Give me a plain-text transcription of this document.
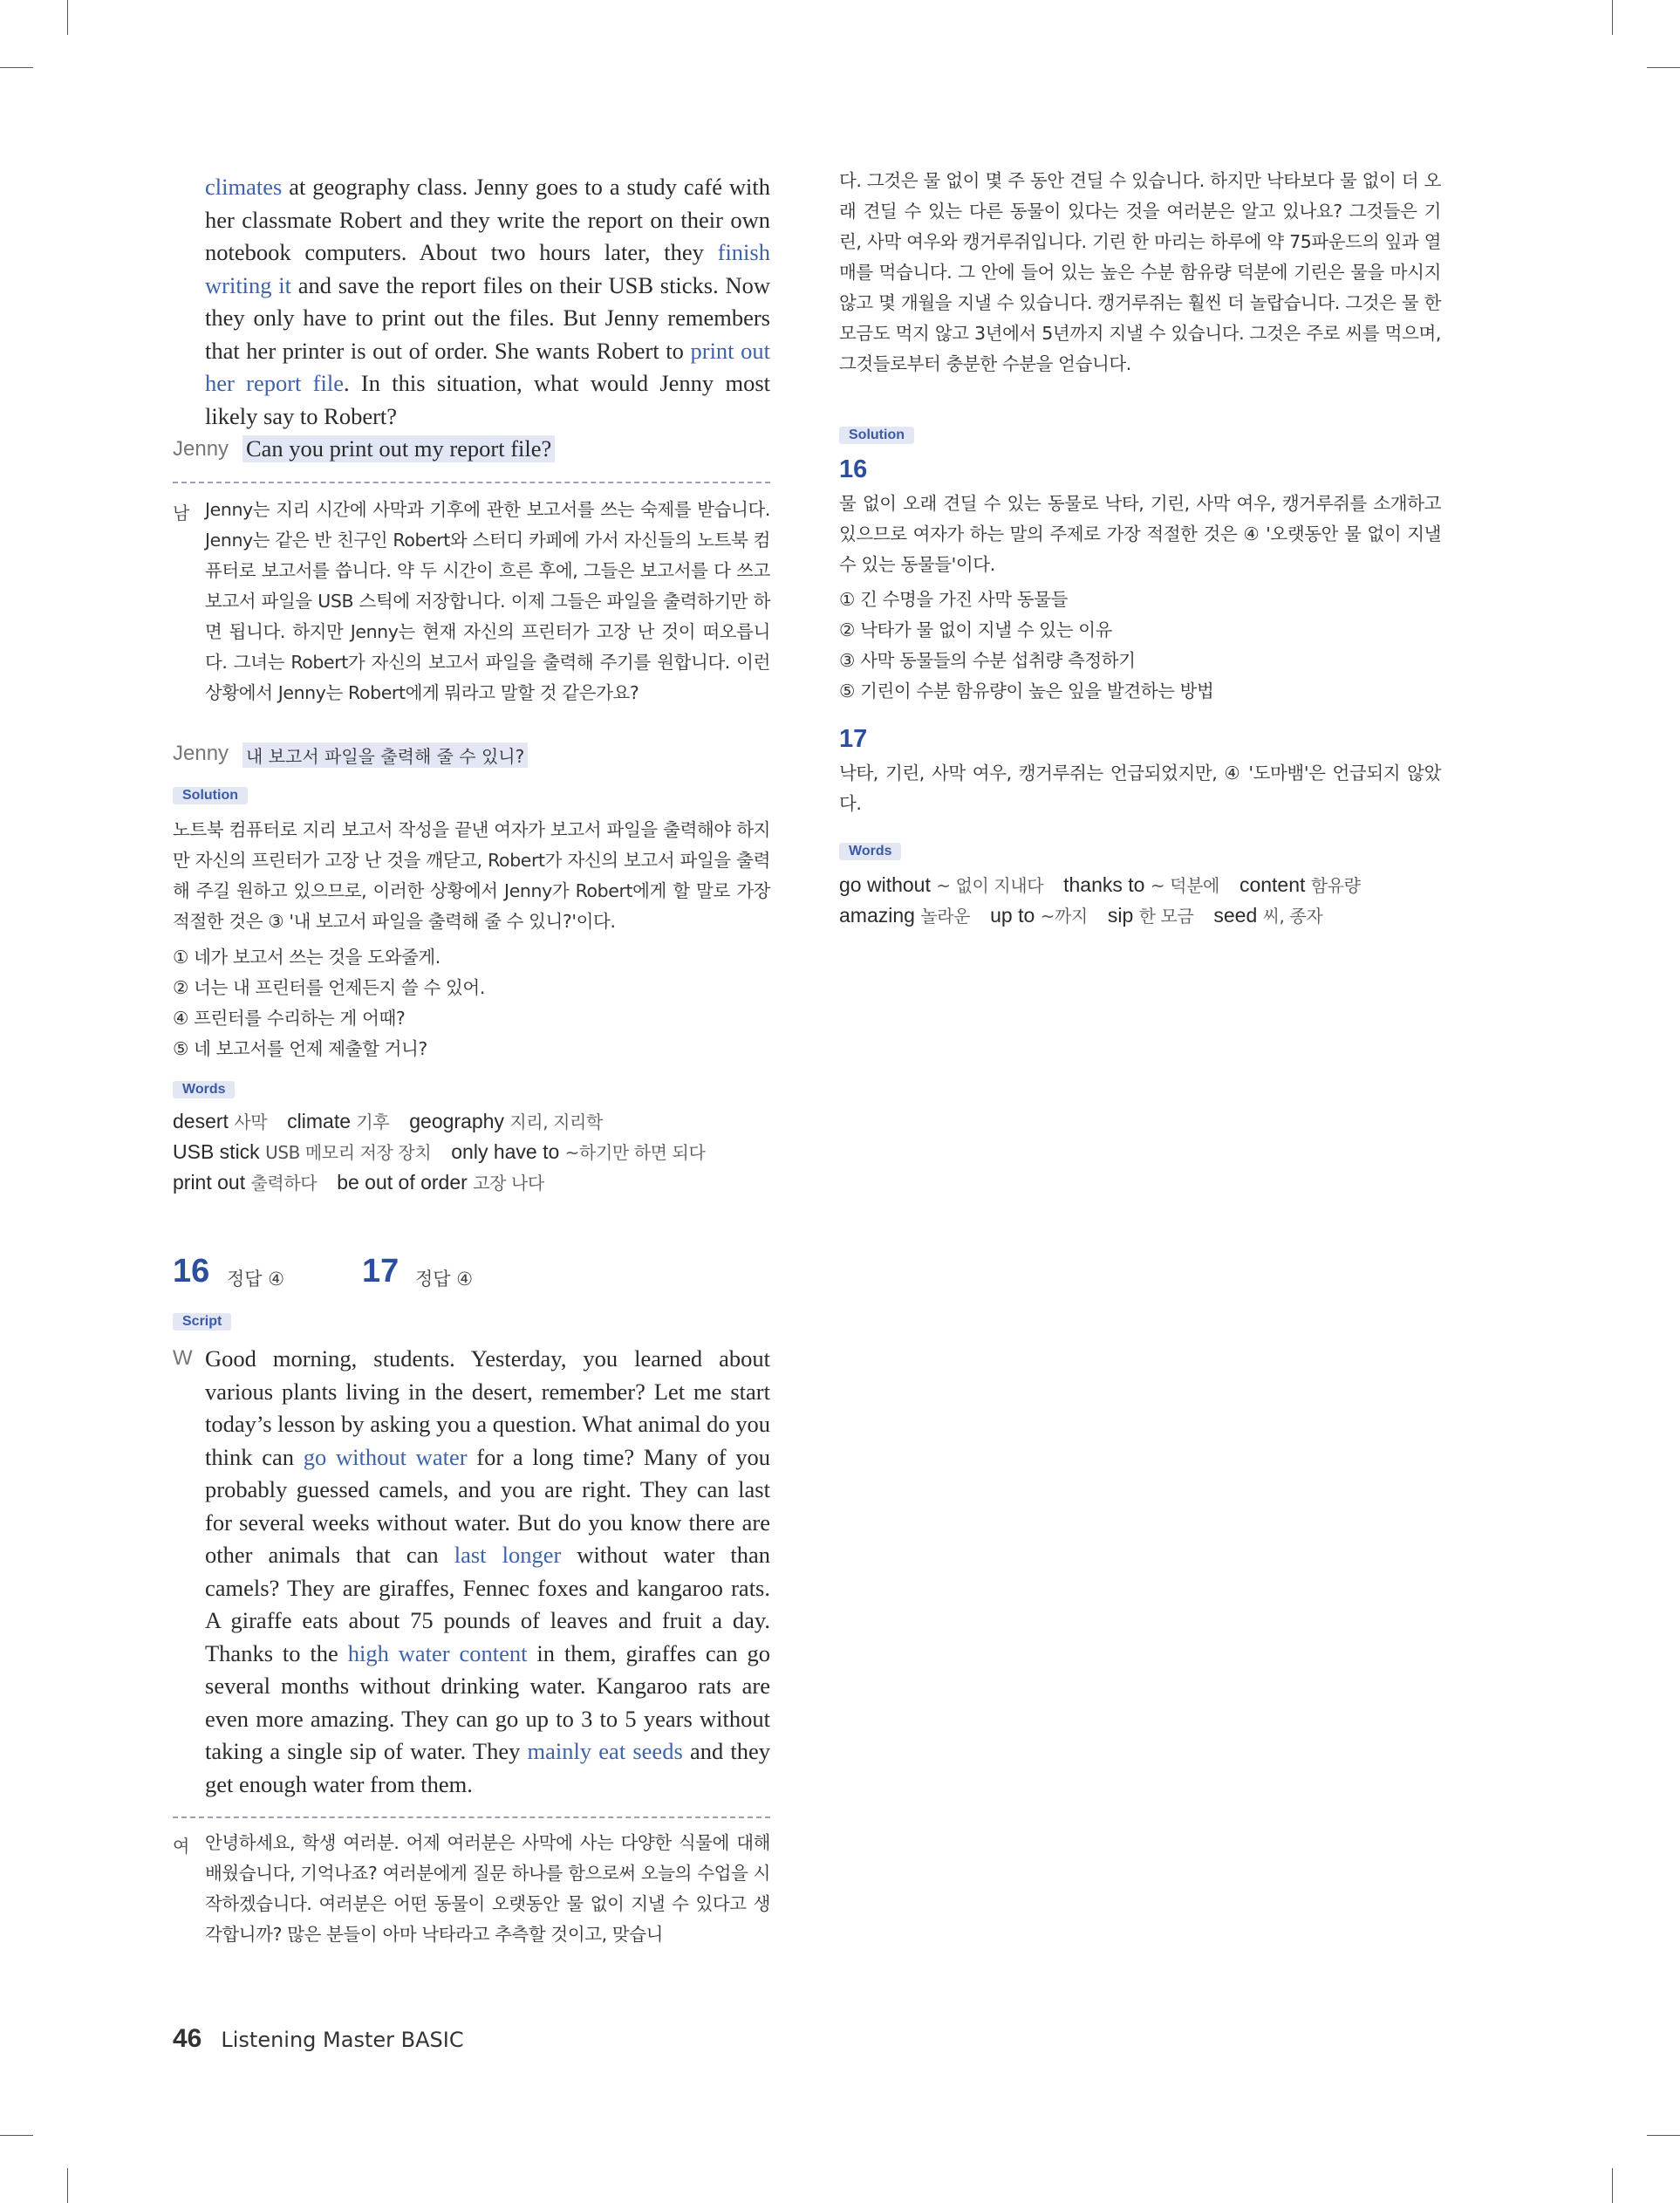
climates at geography class. Jenny goes to a study café with her classmate Robert and they write the report on their own notebook computers. About two hours later, they finish writing it and save the report files on their USB sticks. Now they only have to print out the files. But Jenny remembers that her printer is out of order. She wants Robert to print out her report file. In this situation, what would Jenny most likely say to Robert?
Jenny Can you print out my report file?
남 Jenny는 지리 시간에 사막과 기후에 관한 보고서를 쓰는 숙제를 받습니다. Jenny는 같은 반 친구인 Robert와 스터디 카페에 가서 자신들의 노트북 컴퓨터로 보고서를 씁니다. 약 두 시간이 흐른 후에, 그들은 보고서를 다 쓰고 보고서 파일을 USB 스틱에 저장합니다. 이제 그들은 파일을 출력하기만 하면 됩니다. 하지만 Jenny는 현재 자신의 프린터가 고장 난 것이 떠오릅니다. 그녀는 Robert가 자신의 보고서 파일을 출력해 주기를 원합니다. 이런 상황에서 Jenny는 Robert에게 뭐라고 말할 것 같은가요?
Jenny 내 보고서 파일을 출력해 줄 수 있니?
Solution
노트북 컴퓨터로 지리 보고서 작성을 끝낸 여자가 보고서 파일을 출력해야 하지만 자신의 프린터가 고장 난 것을 깨닫고, Robert가 자신의 보고서 파일을 출력해 주길 원하고 있으므로, 이러한 상황에서 Jenny가 Robert에게 할 말로 가장 적절한 것은 ③ '내 보고서 파일을 출력해 줄 수 있니?'이다.
① 네가 보고서 쓰는 것을 도와줄게.
② 너는 내 프린터를 언제든지 쓸 수 있어.
④ 프린터를 수리하는 게 어때?
⑤ 네 보고서를 언제 제출할 거니?
Words
desert 사막  climate 기후  geography 지리, 지리학
USB stick USB 메모리 저장 장치  only have to ~하기만 하면 되다
print out 출력하다  be out of order 고장 나다
16 정답 ④ 17 정답 ④
Script
W Good morning, students. Yesterday, you learned about various plants living in the desert, remember? Let me start today’s lesson by asking you a question. What animal do you think can go without water for a long time? Many of you probably guessed camels, and you are right. They can last for several weeks without water. But do you know there are other animals that can last longer without water than camels? They are giraffes, Fennec foxes and kangaroo rats. A giraffe eats about 75 pounds of leaves and fruit a day. Thanks to the high water content in them, giraffes can go several months without drinking water. Kangaroo rats are even more amazing. They can go up to 3 to 5 years without taking a single sip of water. They mainly eat seeds and they get enough water from them.
여 안녕하세요, 학생 여러분. 어제 여러분은 사막에 사는 다양한 식물에 대해 배웠습니다, 기억나죠? 여러분에게 질문 하나를 함으로써 오늘의 수업을 시작하겠습니다. 여러분은 어떤 동물이 오랫동안 물 없이 지낼 수 있다고 생각합니까? 많은 분들이 아마 낙타라고 추측할 것이고, 맞습니
다. 그것은 물 없이 몇 주 동안 견딜 수 있습니다. 하지만 낙타보다 물 없이 더 오래 견딜 수 있는 다른 동물이 있다는 것을 여러분은 알고 있나요? 그것들은 기린, 사막 여우와 캥거루쥐입니다. 기린 한 마리는 하루에 약 75파운드의 잎과 열매를 먹습니다. 그 안에 들어 있는 높은 수분 함유량 덕분에 기린은 물을 마시지 않고 몇 개월을 지낼 수 있습니다. 캥거루쥐는 훨씬 더 놀랍습니다. 그것은 물 한 모금도 먹지 않고 3년에서 5년까지 지낼 수 있습니다. 그것은 주로 씨를 먹으며, 그것들로부터 충분한 수분을 얻습니다.
Solution
16
물 없이 오래 견딜 수 있는 동물로 낙타, 기린, 사막 여우, 캥거루쥐를 소개하고 있으므로 여자가 하는 말의 주제로 가장 적절한 것은 ④ '오랫동안 물 없이 지낼 수 있는 동물들'이다.
① 긴 수명을 가진 사막 동물들
② 낙타가 물 없이 지낼 수 있는 이유
③ 사막 동물들의 수분 섭취량 측정하기
⑤ 기린이 수분 함유량이 높은 잎을 발견하는 방법
17
낙타, 기린, 사막 여우, 캥거루쥐는 언급되었지만, ④ '도마뱀'은 언급되지 않았다.
Words
go without ~ 없이 지내다  thanks to ~ 덕분에  content 함유량
amazing 놀라운  up to ~까지  sip 한 모금  seed 씨, 종자
46 Listening Master BASIC
